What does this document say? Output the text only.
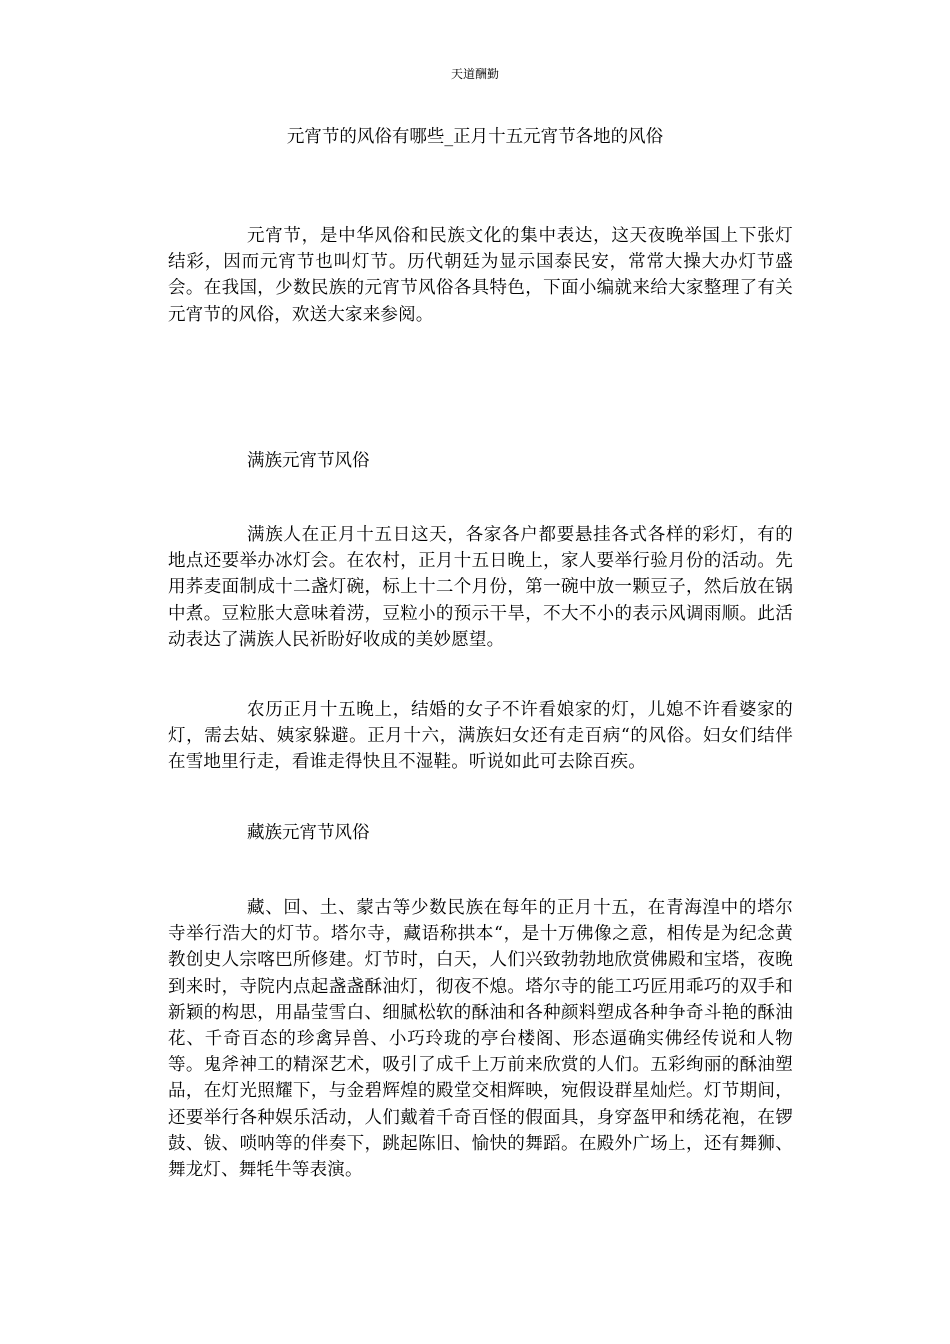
天道酬勤
元宵节的风俗有哪些_正月十五元宵节各地的风俗

元宵节，是中华风俗和民族文化的集中表达，这天夜晚举国上下张灯结彩，因而元宵节也叫灯节。历代朝廷为显示国泰民安，常常大操大办灯节盛会。在我国，少数民族的元宵节风俗各具特色，下面小编就来给大家整理了有关元宵节的风俗，欢送大家来参阅。

满族元宵节风俗

满族人在正月十五日这天，各家各户都要悬挂各式各样的彩灯，有的地点还要举办冰灯会。在农村，正月十五日晚上，家人要举行验月份的活动。先用荞麦面制成十二盏灯碗，标上十二个月份，第一碗中放一颗豆子，然后放在锅中煮。豆粒胀大意味着涝，豆粒小的预示干旱，不大不小的表示风调雨顺。此活动表达了满族人民祈盼好收成的美妙愿望。

农历正月十五晚上，结婚的女子不许看娘家的灯，儿媳不许看婆家的灯，需去姑、姨家躲避。正月十六，满族妇女还有走百病“的风俗。妇女们结伴在雪地里行走，看谁走得快且不湿鞋。听说如此可去除百疾。

藏族元宵节风俗

藏、回、土、蒙古等少数民族在每年的正月十五，在青海湟中的塔尔寺举行浩大的灯节。塔尔寺，藏语称拱本“，是十万佛像之意，相传是为纪念黄教创史人宗喀巴所修建。灯节时，白天，人们兴致勃勃地欣赏佛殿和宝塔，夜晚到来时，寺院内点起盏盏酥油灯，彻夜不熄。塔尔寺的能工巧匠用乖巧的双手和新颖的构思，用晶莹雪白、细腻松软的酥油和各种颜料塑成各种争奇斗艳的酥油花、千奇百态的珍禽异兽、小巧玲珑的亭台楼阁、形态逼确实佛经传说和人物等。鬼斧神工的精深艺术，吸引了成千上万前来欣赏的人们。五彩绚丽的酥油塑品，在灯光照耀下，与金碧辉煌的殿堂交相辉映，宛假设群星灿烂。灯节期间，还要举行各种娱乐活动，人们戴着千奇百怪的假面具，身穿盔甲和绣花袍，在锣鼓、钹、唢呐等的伴奏下，跳起陈旧、愉快的舞蹈。在殿外广场上，还有舞狮、舞龙灯、舞牦牛等表演。
